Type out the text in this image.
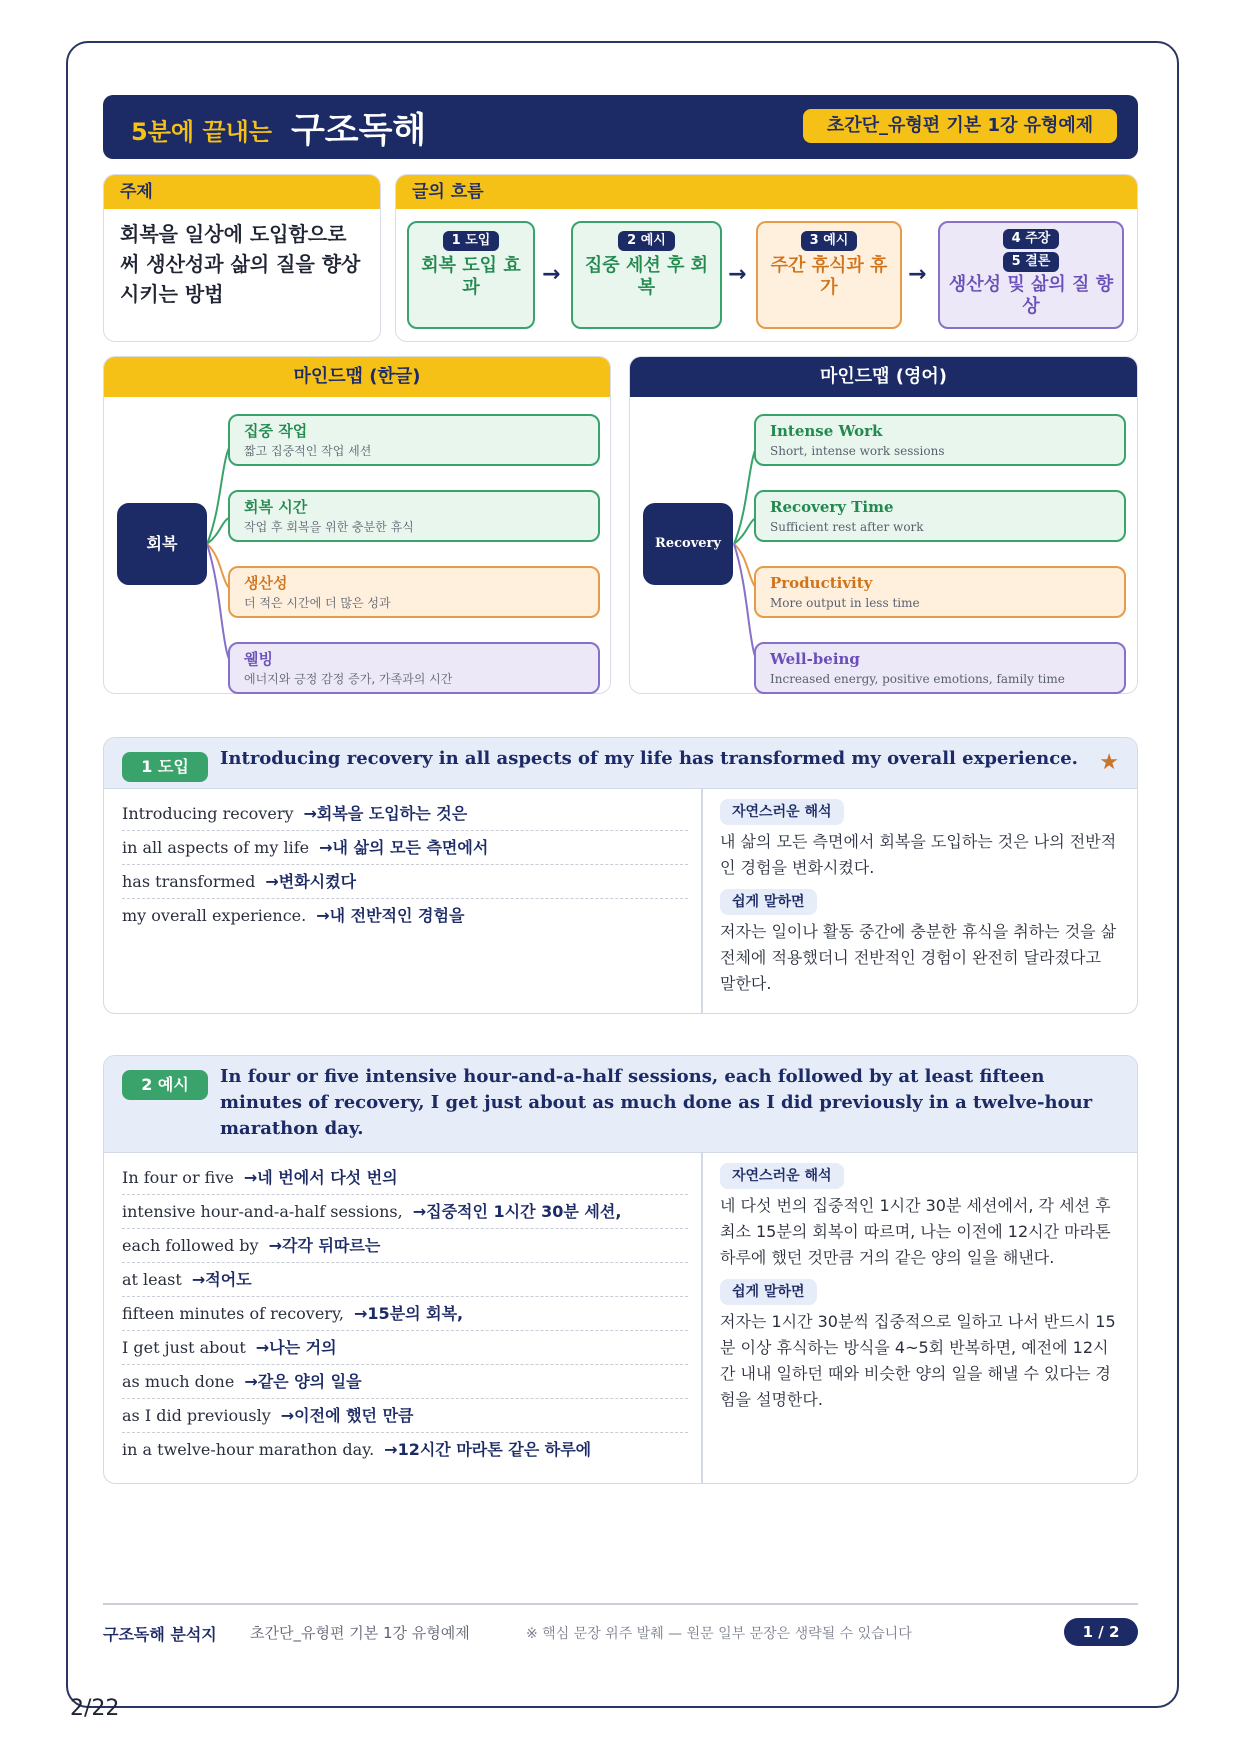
5분에 끝내는 구조독해	초간단_유형편 기본 1강 유형예제
주제
회복을 일상에 도입함으로써 생산성과 삶의 질을 향상시키는 방법
글의 흐름
1 도입
회복 도입 효과
→
2 예시
집중 세션 후 회복
→
3 예시
주간 휴식과 휴가
→
4 주장
5 결론
생산성 및 삶의 질 향상
마인드맵 (한글)
회복
집중 작업
짧고 집중적인 작업 세션
회복 시간
작업 후 회복을 위한 충분한 휴식
생산성
더 적은 시간에 더 많은 성과
웰빙
에너지와 긍정 감정 증가, 가족과의 시간
마인드맵 (영어)
Recovery
Intense Work
Short, intense work sessions
Recovery Time
Sufficient rest after work
Productivity
More output in less time
Well-being
Increased energy, positive emotions, family time
1 도입	Introducing recovery in all aspects of my life has transformed my overall experience. ★
Introducing recovery → 회복을 도입하는 것은
in all aspects of my life → 내 삶의 모든 측면에서
has transformed → 변화시켰다
my overall experience. → 내 전반적인 경험을
자연스러운 해석
내 삶의 모든 측면에서 회복을 도입하는 것은 나의 전반적인 경험을 변화시켰다.
쉽게 말하면
저자는 일이나 활동 중간에 충분한 휴식을 취하는 것을 삶 전체에 적용했더니 전반적인 경험이 완전히 달라졌다고 말한다.
2 예시	In four or five intensive hour-and-a-half sessions, each followed by at least fifteen minutes of recovery, I get just about as much done as I did previously in a twelve-hour marathon day.
In four or five → 네 번에서 다섯 번의
intensive hour-and-a-half sessions, → 집중적인 1시간 30분 세션,
each followed by → 각각 뒤따르는
at least → 적어도
fifteen minutes of recovery, → 15분의 회복,
I get just about → 나는 거의
as much done → 같은 양의 일을
as I did previously → 이전에 했던 만큼
in a twelve-hour marathon day. → 12시간 마라톤 같은 하루에
자연스러운 해석
네 다섯 번의 집중적인 1시간 30분 세션에서, 각 세션 후 최소 15분의 회복이 따르며, 나는 이전에 12시간 마라톤 하루에 했던 것만큼 거의 같은 양의 일을 해낸다.
쉽게 말하면
저자는 1시간 30분씩 집중적으로 일하고 나서 반드시 15분 이상 휴식하는 방식을 4~5회 반복하면, 예전에 12시간 내내 일하던 때와 비슷한 양의 일을 해낼 수 있다는 경험을 설명한다.
구조독해 분석지 초간단_유형편 기본 1강 유형예제	※ 핵심 문장 위주 발췌 — 원문 일부 문장은 생략될 수 있습니다	1 / 2
2/22
